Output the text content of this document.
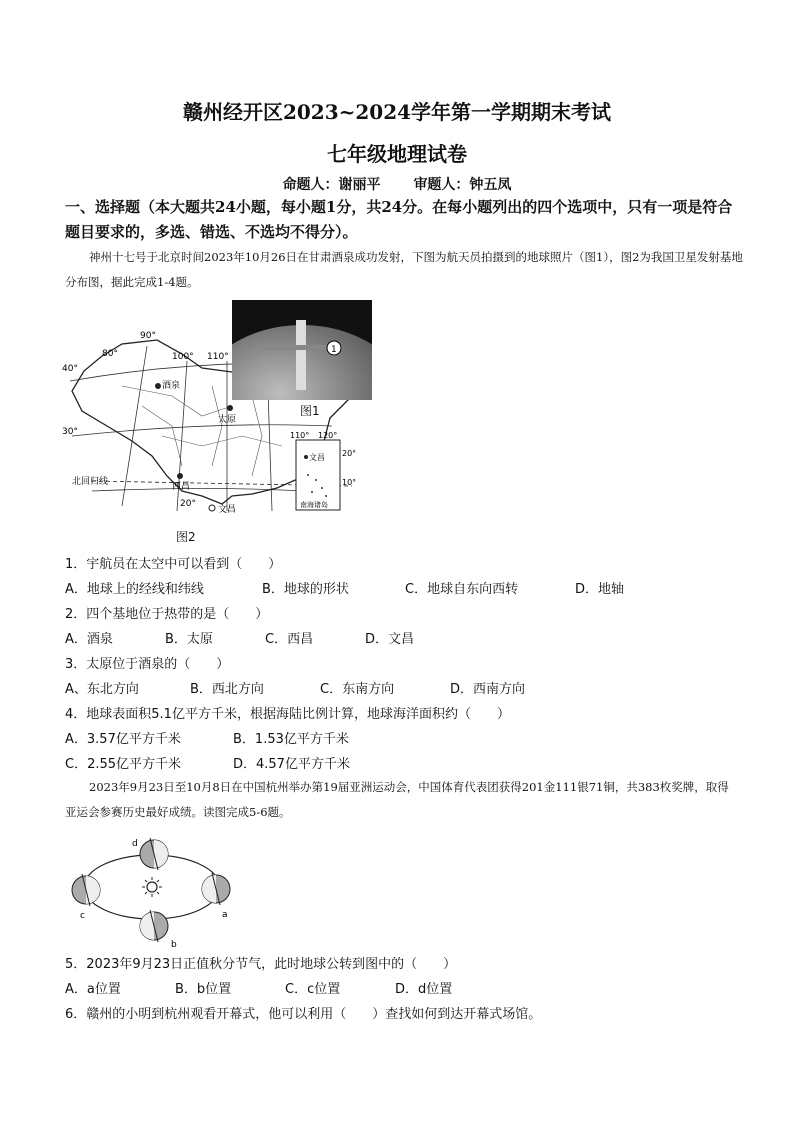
赣州经开区2023~2024学年第一学期期末考试
七年级地理试卷
命题人：谢丽平 审题人：钟五凤
一、选择题（本大题共24小题，每小题1分，共24分。在每小题列出的四个选项中，只有一项是符合题目要求的，多选、错选、不选均不得分）。
神州十七号于北京时间2023年10月26日在甘肃酒泉成功发射，下图为航天员拍摄到的地球照片（图1），图2为我国卫星发射基地分布图，据此完成1-4题。
90°
80°	100° 110°
40°
30°
20°
北回归线
酒泉
太原
西昌
文昌
1
图1
110° 120°
20°
10°
文昌
南海诸岛
图2
1．宇航员在太空中可以看到（　　）
A．地球上的经线和纬线	B．地球的形状	C．地球自东向西转	D．地轴
2．四个基地位于热带的是（　　）
A．酒泉	B．太原	C．西昌	D．文昌
3．太原位于酒泉的（　　）
A、东北方向	B．西北方向	C．东南方向	D．西南方向
4．地球表面积5.1亿平方千米，根据海陆比例计算，地球海洋面积约（　　）
A．3.57亿平方千米	B．1.53亿平方千米
C．2.55亿平方千米	D．4.57亿平方千米
2023年9月23日至10月8日在中国杭州举办第19届亚洲运动会，中国体育代表团获得201金111银71铜，共383枚奖牌，取得亚运会参赛历史最好成绩。读图完成5-6题。
d
a
c
b
5．2023年9月23日正值秋分节气，此时地球公转到图中的（　　）
A．a位置	B．b位置	C．c位置	D．d位置
6．赣州的小明到杭州观看开幕式，他可以利用（　　）查找如何到达开幕式场馆。
